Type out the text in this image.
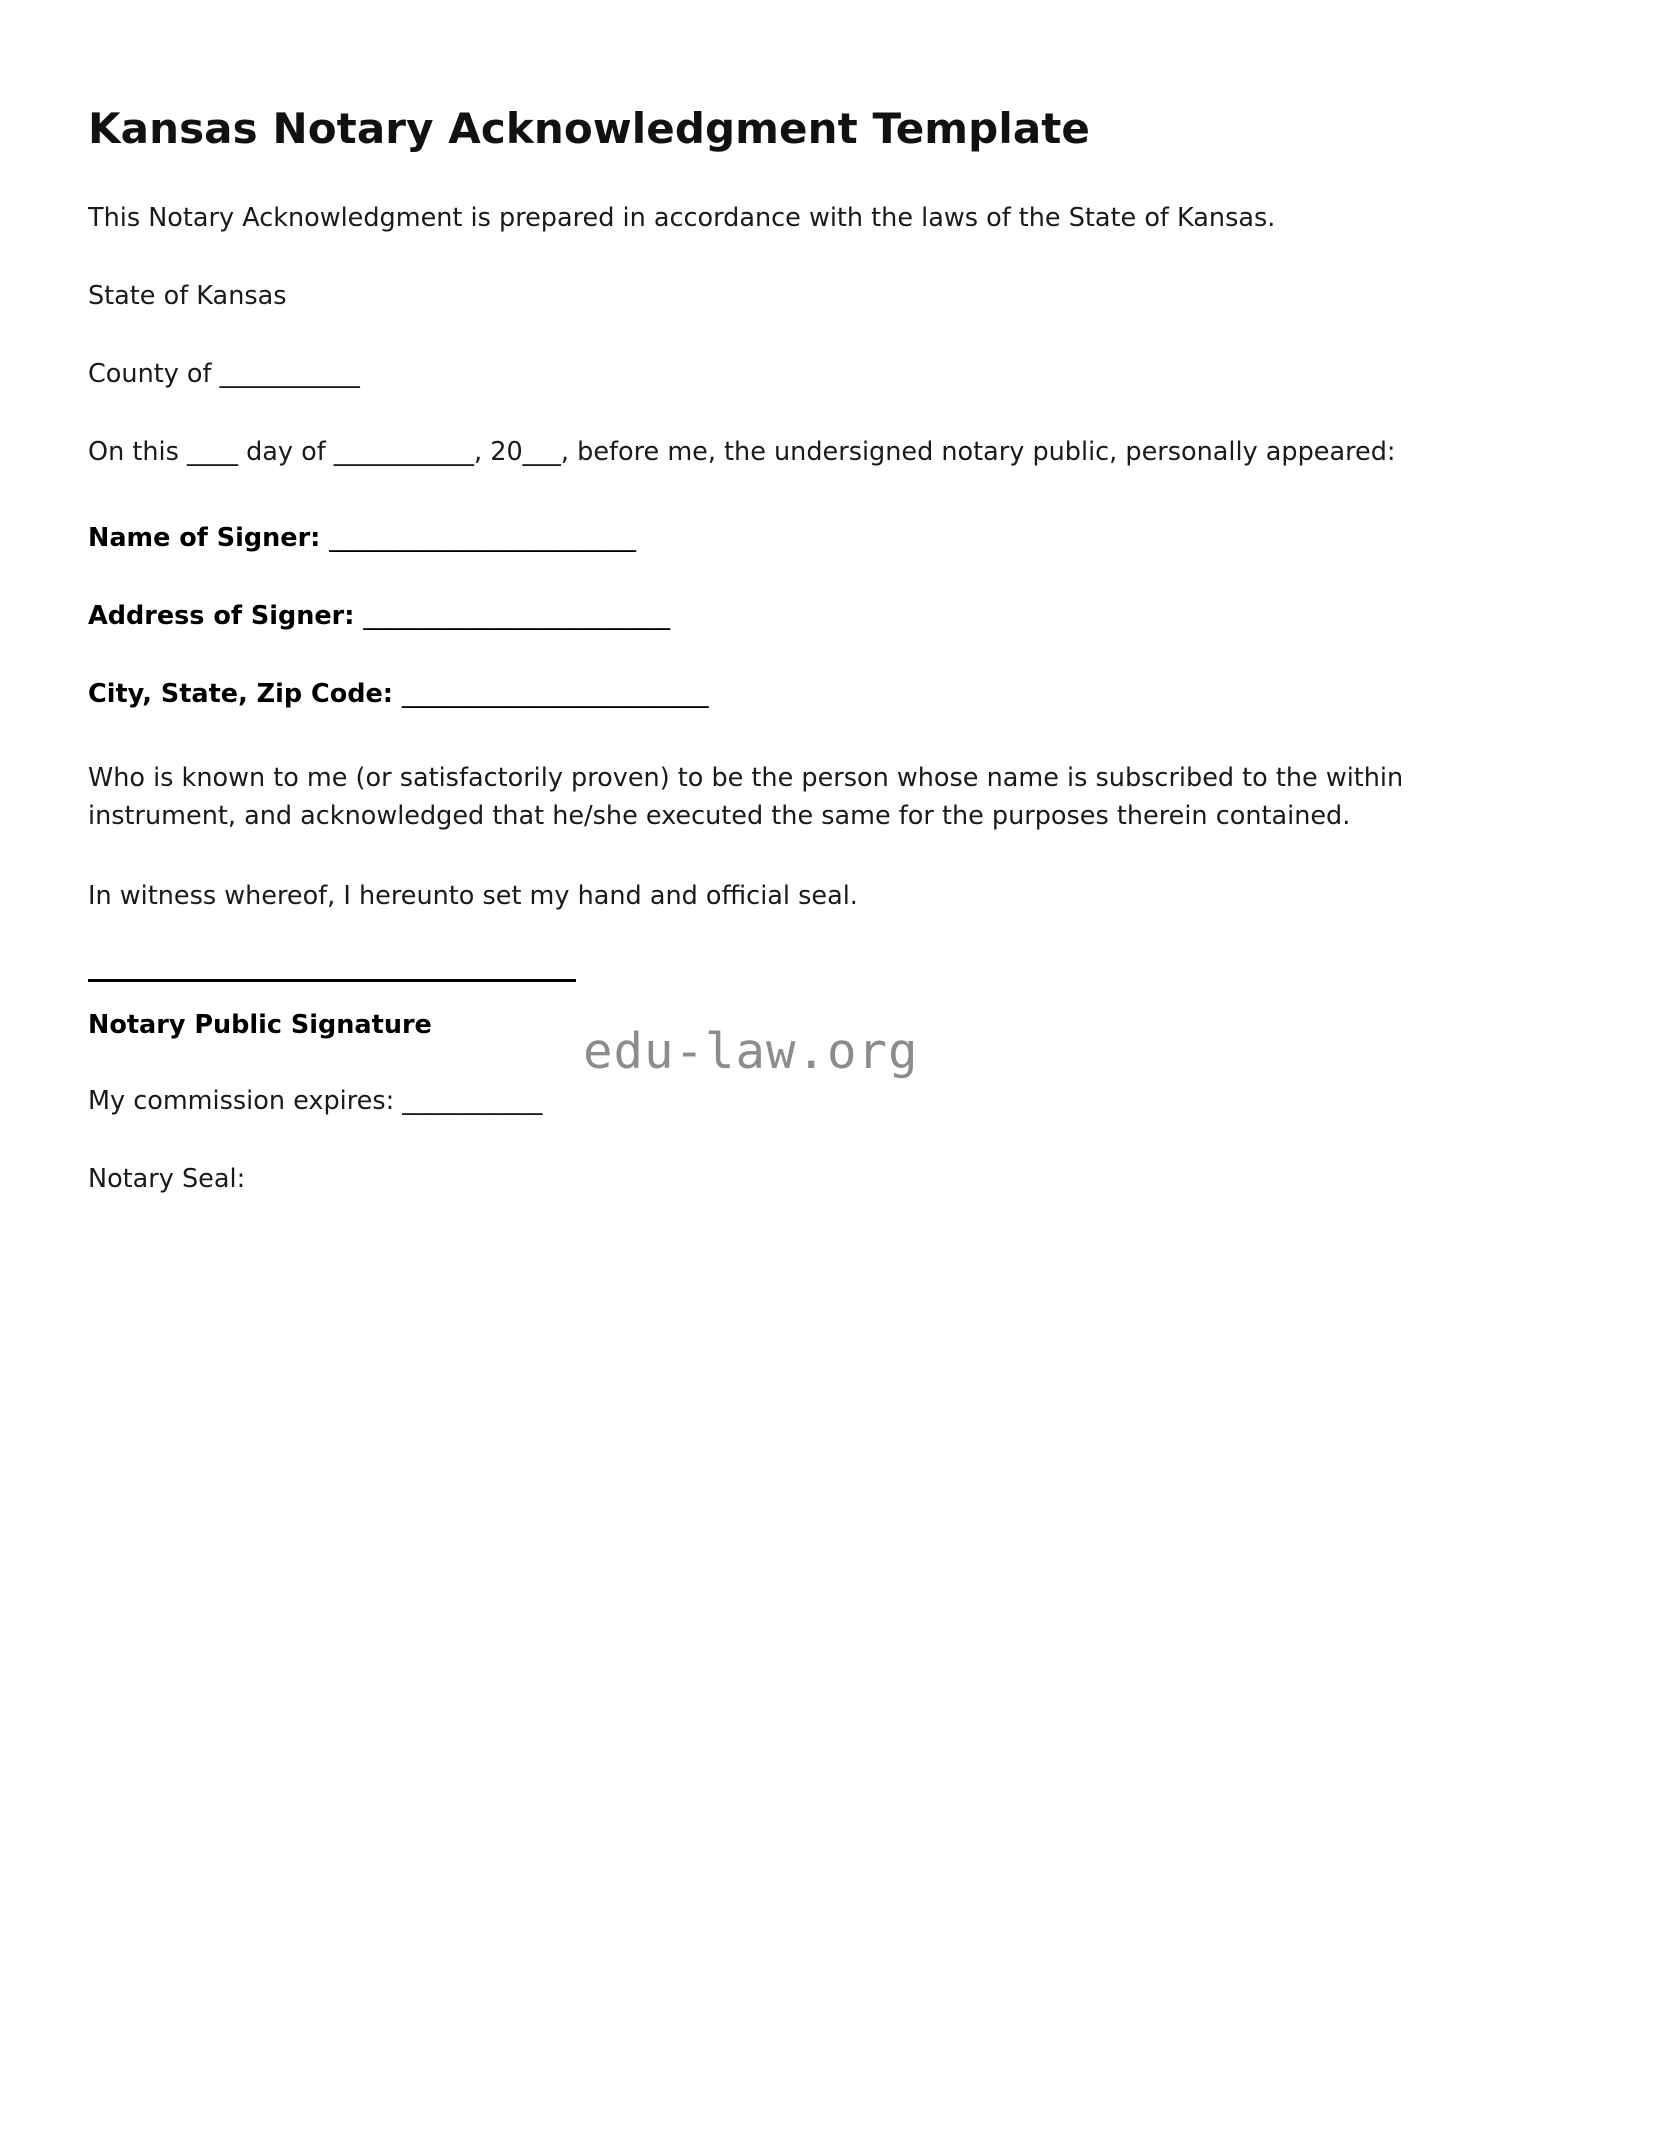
Kansas Notary Acknowledgment Template

This Notary Acknowledgment is prepared in accordance with the laws of the State of Kansas.

State of Kansas

County of ___________

On this ____ day of ___________, 20___, before me, the undersigned notary public, personally appeared:

Name of Signer: _________________________

Address of Signer: _________________________

City, State, Zip Code: _________________________

Who is known to me (or satisfactorily proven) to be the person whose name is subscribed to the within instrument, and acknowledged that he/she executed the same for the purposes therein contained.

In witness whereof, I hereunto set my hand and official seal.

Notary Public Signature

My commission expires: ___________

Notary Seal:

edu-law.org
